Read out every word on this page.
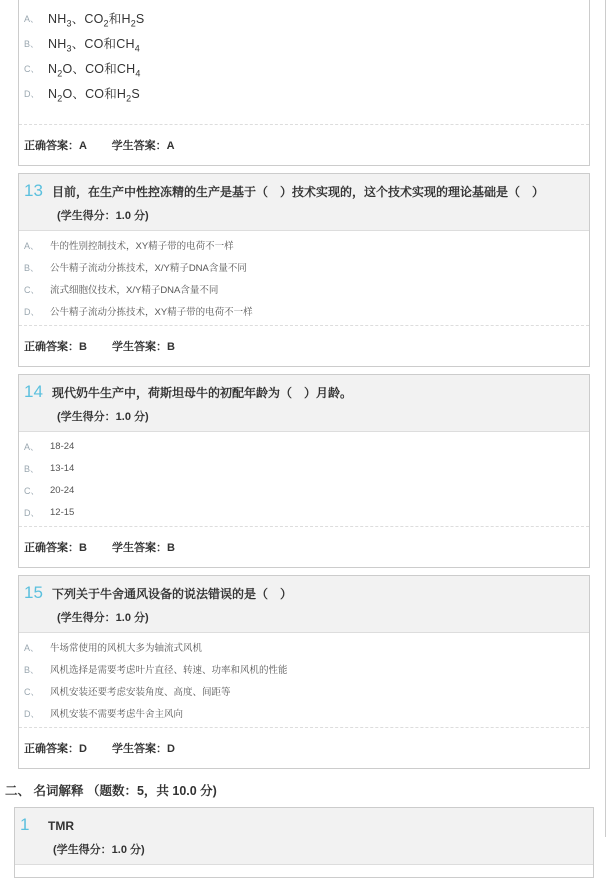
A、 $NH_3$、$CO_2$和$H_2S$
B、 $NH_3$、CO和$CH_4$
C、 $N_2O$、CO和$CH_4$
D、 $N_2O$、CO和$H_2S$
正确答案：A 学生答案：A
13 目前，在生产中性控冻精的生产是基于（　）技术实现的，这个技术实现的理论基础是（　）
(学生得分：1.0 分)
A、	牛的性别控制技术，XY精子带的电荷不一样
B、	公牛精子流动分拣技术，X/Y精子DNA含量不同
C、	流式细胞仪技术，X/Y精子DNA含量不同
D、	公牛精子流动分拣技术，XY精子带的电荷不一样
正确答案：B 学生答案：B
14 现代奶牛生产中，荷斯坦母牛的初配年龄为（　）月龄。
(学生得分：1.0 分)
A、	18-24
B、	13-14
C、	20-24
D、	12-15
正确答案：B 学生答案：B
15 下列关于牛舍通风设备的说法错误的是（　）
(学生得分：1.0 分)
A、	牛场常使用的风机大多为轴流式风机
B、	风机选择是需要考虑叶片直径、转速、功率和风机的性能
C、	风机安装还要考虑安装角度、高度、间距等
D、	风机安装不需要考虑牛舍主风向
正确答案：D 学生答案：D
二、 名词解释 （题数：5，共 10.0 分)
1	TMR
(学生得分：1.0 分)
